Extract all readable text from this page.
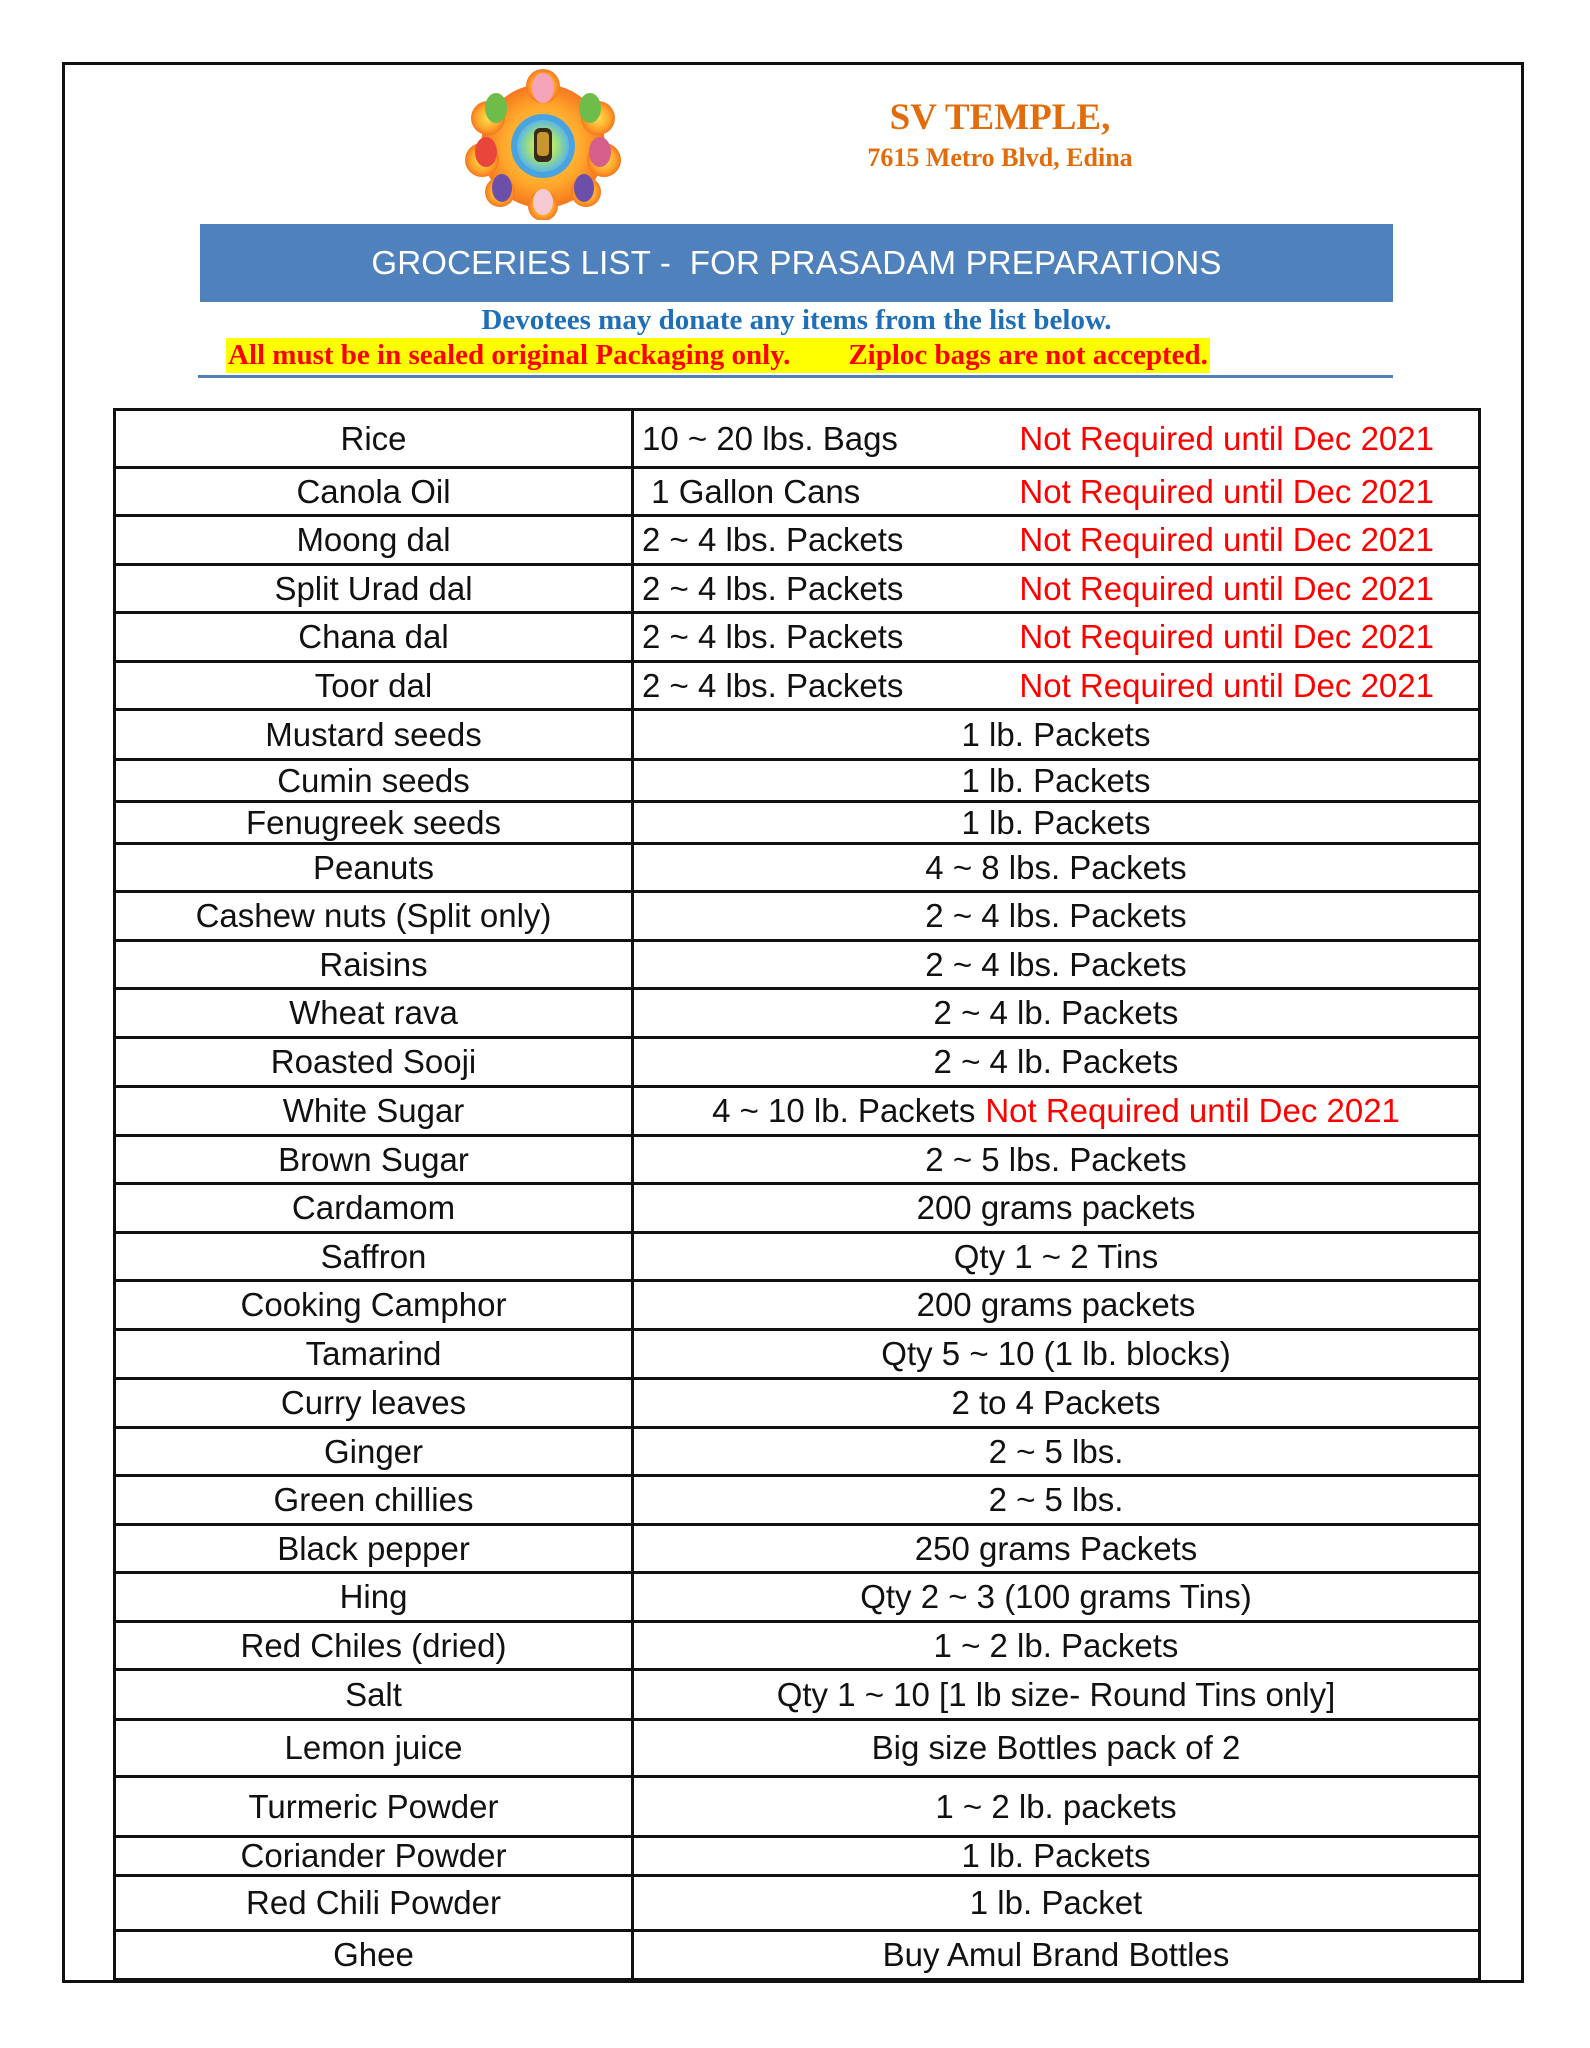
SV TEMPLE,
7615 Metro Blvd, Edina
GROCERIES LIST -  FOR PRASADAM PREPARATIONS
Devotees may donate any items from the list below.
All must be in sealed original Packaging only. Ziploc bags are not accepted.
Rice	10 ~ 20 lbs. Bags Not Required until Dec 2021

Canola Oil	1 Gallon Cans Not Required until Dec 2021

Moong dal	2 ~ 4 lbs. Packets Not Required until Dec 2021

Split Urad dal	2 ~ 4 lbs. Packets Not Required until Dec 2021

Chana dal	2 ~ 4 lbs. Packets Not Required until Dec 2021

Toor dal	2 ~ 4 lbs. Packets Not Required until Dec 2021

Mustard seeds	1 lb. Packets
Cumin seeds	1 lb. Packets
Fenugreek seeds	1 lb. Packets
Peanuts	4 ~ 8 lbs. Packets
Cashew nuts (Split only)	2 ~ 4 lbs. Packets
Raisins	2 ~ 4 lbs. Packets
Wheat rava	2 ~ 4 lb. Packets
Roasted Sooji	2 ~ 4 lb. Packets
White Sugar	4 ~ 10 lb. Packets Not Required until Dec 2021

Brown Sugar	2 ~ 5 lbs. Packets
Cardamom	200 grams packets
Saffron	Qty 1 ~ 2 Tins
Cooking Camphor	200 grams packets
Tamarind	Qty 5 ~ 10 (1 lb. blocks)
Curry leaves	2 to 4 Packets
Ginger	2 ~ 5 lbs.
Green chillies	2 ~ 5 lbs.
Black pepper	250 grams Packets
Hing	Qty 2 ~ 3 (100 grams Tins)
Red Chiles (dried)	1 ~ 2 lb. Packets
Salt	Qty 1 ~ 10 [1 lb size- Round Tins only]
Lemon juice	Big size Bottles pack of 2
Turmeric Powder	1 ~ 2 lb. packets
Coriander Powder	1 lb. Packets
Red Chili Powder	1 lb. Packet
Ghee	Buy Amul Brand Bottles
